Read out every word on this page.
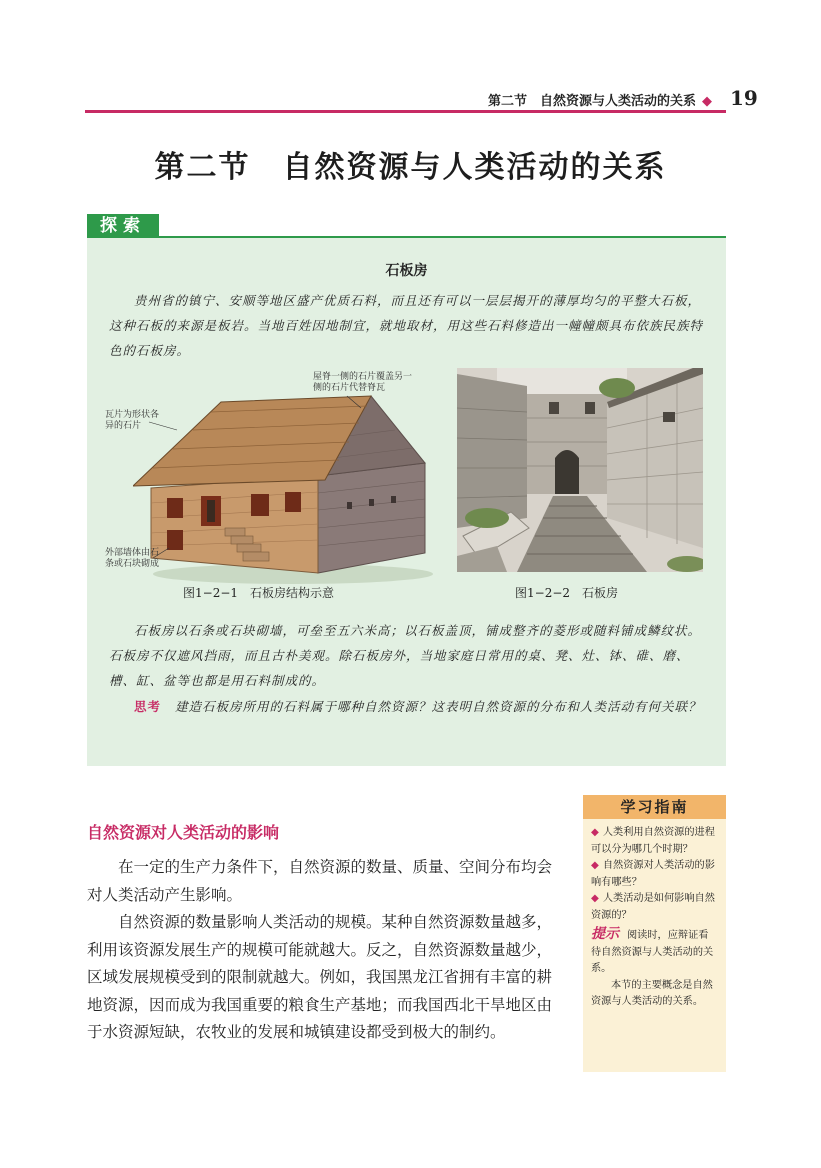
第二节　自然资源与人类活动的关系 ◆ 19
第二节　自然资源与人类活动的关系
探索
石板房
贵州省的镇宁、安顺等地区盛产优质石料，而且还有可以一层层揭开的薄厚均匀的平整大石板，这种石板的来源是板岩。当地百姓因地制宜，就地取材，用这些石料修造出一幢幢颇具布依族民族特色的石板房。
屋脊一侧的石片覆盖另一侧的石片代替脊瓦
瓦片为形状各异的石片
外部墙体由石条或石块砌成
图1−2−1　石板房结构示意	图1−2−2　石板房
石板房以石条或石块砌墙，可垒至五六米高；以石板盖顶，铺成整齐的菱形或随料铺成鳞纹状。石板房不仅遮风挡雨，而且古朴美观。除石板房外，当地家庭日常用的桌、凳、灶、钵、碓、磨、槽、缸、盆等也都是用石料制成的。
思考 建造石板房所用的石料属于哪种自然资源？这表明自然资源的分布和人类活动有何关联？
自然资源对人类活动的影响

在一定的生产力条件下，自然资源的数量、质量、空间分布均会对人类活动产生影响。

自然资源的数量影响人类活动的规模。某种自然资源数量越多，利用该资源发展生产的规模可能就越大。反之，自然资源数量越少，区域发展规模受到的限制就越大。例如，我国黑龙江省拥有丰富的耕地资源，因而成为我国重要的粮食生产基地；而我国西北干旱地区由于水资源短缺，农牧业的发展和城镇建设都受到极大的制约。

学习指南

◆ 人类利用自然资源的进程可以分为哪几个时期？

◆ 自然资源对人类活动的影响有哪些？

◆ 人类活动是如何影响自然资源的？

提示 阅读时，应辩证看待自然资源与人类活动的关系。

本节的主要概念是自然资源与人类活动的关系。
